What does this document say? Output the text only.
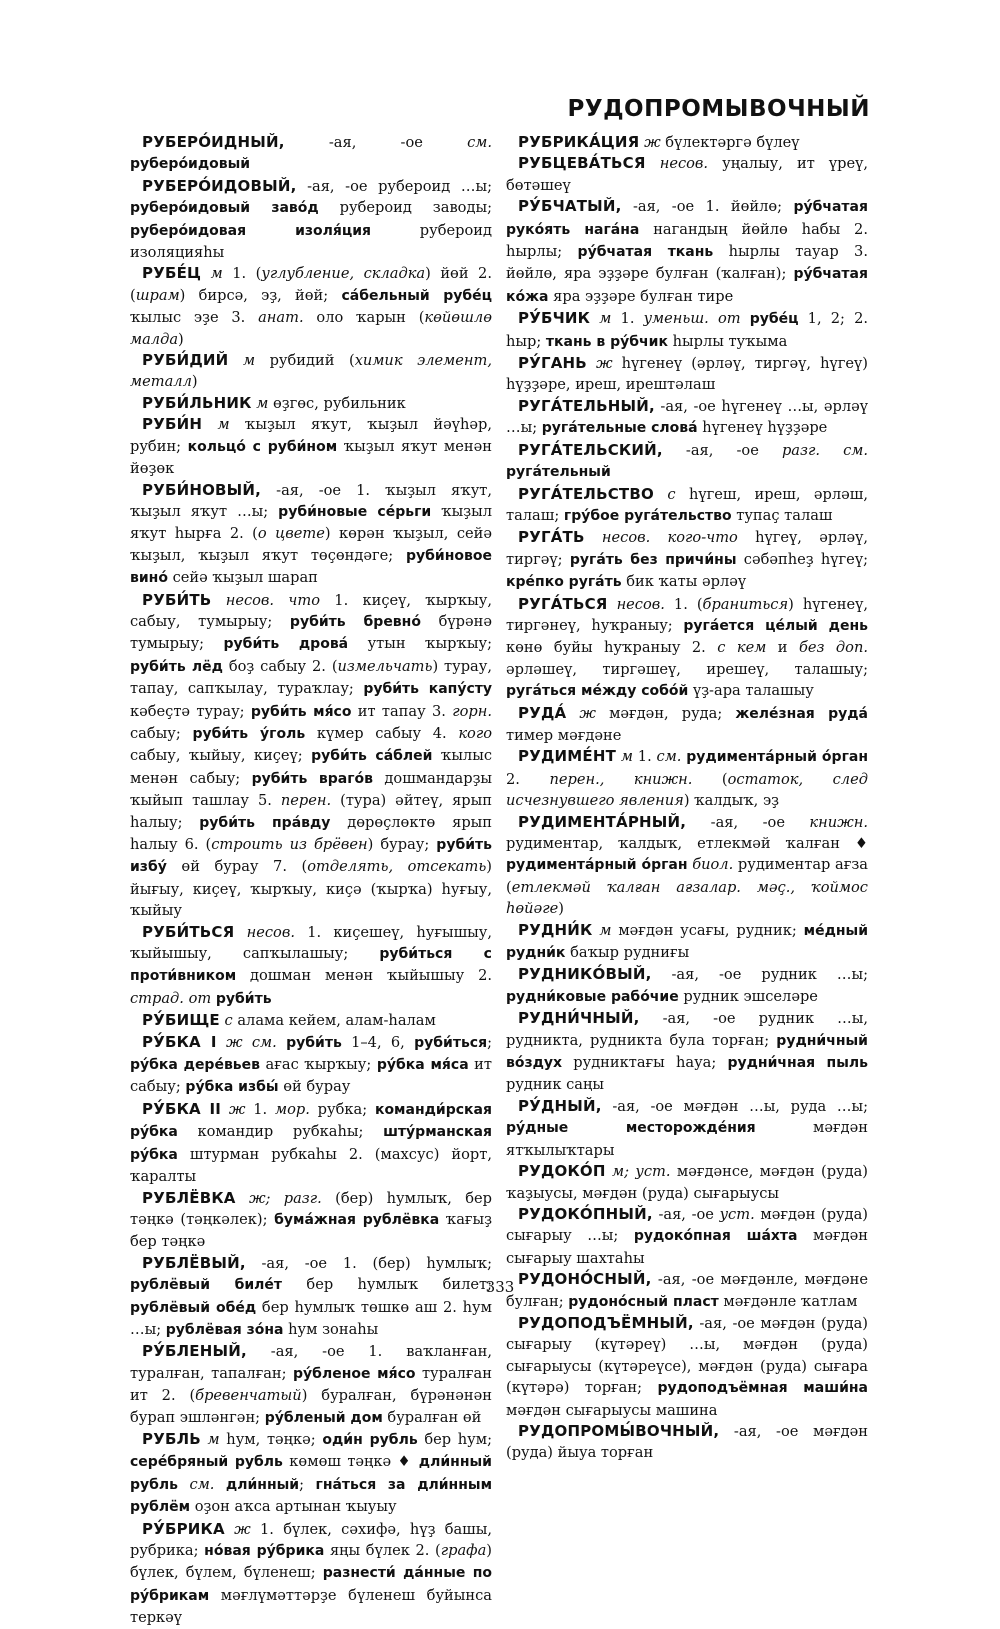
РУДОПРОМЫВОЧНЫЙ

РУБЕРО́ИДНЫЙ, -ая, -ое см. руберо́идовый

РУБЕРО́ИДОВЫЙ, -ая, -ое рубероид …ы; руберо́идовый заво́д рубероид заводы; руберо́идовая изоля́ция рубероид изоляцияһы

РУБЕ́Ц м 1. (углубление, складка) йөй 2. (шрам) бирсә, эҙ, йөй; са́бельный рубе́ц ҡылыс эҙе 3. анат. оло ҡарын (көйөшлө малда)

РУБИ́ДИЙ м рубидий (химик элемент, металл)

РУБИ́ЛЬНИК м өҙгөс, рубильник

РУБИ́Н м ҡыҙыл яҡут, ҡыҙыл йәүһәр, рубин; кольцо́ с руби́ном ҡыҙыл яҡут менән йөҙөк

РУБИ́НОВЫЙ, -ая, -ое 1. ҡыҙыл яҡут, ҡыҙыл яҡут …ы; руби́новые се́рьги ҡыҙыл яҡут һырға 2. (о цвете) көрән ҡыҙыл, сейә ҡыҙыл, ҡыҙыл яҡут төҫөндәге; руби́новое вино́ сейә ҡыҙыл шарап

РУБИ́ТЬ несов. что 1. киҫеү, ҡырҡыу, сабыу, тумырыу; руби́ть бревно́ бүрәнә тумырыу; руби́ть дрова́ утын ҡырҡыу; руби́ть лёд боҙ сабыу 2. (измельчать) турау, тапау, сапҡылау, тураҡлау; руби́ть капу́сту кәбеҫтә турау; руби́ть мя́со ит тапау 3. горн. сабыу; руби́ть у́голь күмер сабыу 4. кого сабыу, ҡыйыу, киҫеү; руби́ть са́блей ҡылыс менән сабыу; руби́ть враго́в дошмандарҙы ҡыйып ташлау 5. перен. (тура) әйтеү, ярып һалыу; руби́ть пра́вду дөрөҫлөктө ярып һалыу 6. (строить из брёвен) бурау; руби́ть избу́ өй бурау 7. (отделять, отсекать) йығыу, киҫеү, ҡырҡыу, киҫә (ҡырҡа) һуғыу, ҡыйыу

РУБИ́ТЬСЯ несов. 1. киҫешеү, һуғышыу, ҡыйышыу, сапҡылашыу; руби́ться с проти́вником дошман менән ҡыйышыу 2. страд. от руби́ть

РУ́БИЩЕ с алама кейем, алам-һалам

РУ́БКА I ж см. руби́ть 1–4, 6, руби́ться; ру́бка дере́вьев ағас ҡырҡыу; ру́бка мя́са ит сабыу; ру́бка избы́ өй бурау

РУ́БКА II ж 1. мор. рубка; команди́рская ру́бка командир рубкаһы; шту́рманская ру́бка штурман рубкаһы 2. (махсус) йорт, ҡаралты

РУБЛЁВКА ж; разг. (бер) һумлыҡ, бер тәңкә (тәңкәлек); бума́жная рублёвка ҡағыҙ бер тәңкә

РУБЛЁВЫЙ, -ая, -ое 1. (бер) һумлыҡ; рублёвый биле́т бер һумлыҡ билет; рублёвый обе́д бер һумлыҡ төшкө аш 2. һум …ы; рублёвая зо́на һум зонаһы

РУ́БЛЕНЫЙ, -ая, -ое 1. ваҡланған, туралған, тапалған; ру́бленое мя́со туралған ит 2. (бревенчатый) буралған, бүрәнәнән бурап эшләнгән; ру́бленый дом буралған өй

РУБЛЬ м һум, тәңкә; оди́н рубль бер һум; сере́бряный рубль көмөш тәңкә ♦ дли́нный рубль см. дли́нный; гна́ться за дли́нным рублём оҙон аҡса артынан ҡыуыу

РУ́БРИКА ж 1. бүлек, сәхифә, һүҙ башы, рубрика; но́вая ру́брика яңы бүлек 2. (графа) бүлек, бүлем, бүленеш; разнести́ да́нные по ру́брикам мәғлүмәттәрҙе бүленеш буйынса теркәү

РУБРИКА́ЦИЯ ж бүлектәргә бүлеү

РУБЦЕВА́ТЬСЯ несов. уңалыу, ит үреү, бөтәшеү

РУ́БЧАТЫЙ, -ая, -ое 1. йөйлө; ру́бчатая руко́ять нага́на нагандың йөйлө һабы 2. һырлы; ру́бчатая ткань һырлы тауар 3. йөйлө, яра эҙҙәре булған (ҡалған); ру́бчатая ко́жа яра эҙҙәре булған тире

РУ́БЧИК м 1. уменьш. от рубе́ц 1, 2; 2. һыр; ткань в ру́бчик һырлы туҡыма

РУ́ГАНЬ ж һүгенеү (әрләү, тиргәү, һүгеү) һүҙҙәре, иреш, ирештәлаш

РУГА́ТЕЛЬНЫЙ, -ая, -ое һүгенеү …ы, әрләү …ы; руга́тельные слова́ һүгенеү һүҙҙәре

РУГА́ТЕЛЬСКИЙ, -ая, -ое разг. см. руга́тельный

РУГА́ТЕЛЬСТВО с һүгеш, иреш, әрләш, талаш; гру́бое руга́тельство тупаҫ талаш

РУГА́ТЬ несов. кого-что һүгеү, әрләү, тиргәү; руга́ть без причи́ны сәбәпһеҙ һүгеү; кре́пко руга́ть бик ҡаты әрләү

РУГА́ТЬСЯ несов. 1. (браниться) һүгенеү, тиргәнеү, һуҡраныу; руга́ется це́лый день көнө буйы һуҡраныу 2. с кем и без доп. әрләшеү, тиргәшеү, ирешеү, талашыу; руга́ться ме́жду собо́й үҙ-ара талашыу

РУДА́ ж мәғдән, руда; желе́зная руда́ тимер мәғдәне

РУДИМЕ́НТ м 1. см. рудимента́рный о́рган 2. перен., книжн. (остаток, след исчезнувшего явления) ҡалдыҡ, эҙ

РУДИМЕНТА́РНЫЙ, -ая, -ое книжн. рудиментар, ҡалдыҡ, етлекмәй ҡалған ♦ рудимента́рный о́рган биол. рудиментар ағза (етлекмәй ҡалған ағзалар. мәҫ., ҡоймос һөйәге)

РУДНИ́К м мәғдән усағы, рудник; ме́дный рудни́к баҡыр рудниғы

РУДНИКО́ВЫЙ, -ая, -ое рудник …ы; рудни́ковые рабо́чие рудник эшселәре

РУДНИ́ЧНЫЙ, -ая, -ое рудник …ы, рудникта, рудникта була торған; рудни́чный во́здух рудниктағы һауа; рудни́чная пыль рудник саңы

РУ́ДНЫЙ, -ая, -ое мәғдән …ы, руда …ы; ру́дные месторожде́ния мәғдән ятҡылыҡтары

РУДОКО́П м; уст. мәғдәнсе, мәғдән (руда) ҡаҙыусы, мәғдән (руда) сығарыусы

РУДОКО́ПНЫЙ, -ая, -ое уст. мәғдән (руда) сығарыу …ы; рудоко́пная ша́хта мәғдән сығарыу шахтаһы

РУДОНО́СНЫЙ, -ая, -ое мәғдәнле, мәғдәне булған; рудоно́сный пласт мәғдәнле ҡатлам

РУДОПОДЪЁМНЫЙ, -ая, -ое мәғдән (руда) сығарыу (күтәреү) …ы, мәғдән (руда) сығарыусы (күтәреүсе), мәғдән (руда) сығара (күтәрә) торған; рудоподъёмная маши́на мәғдән сығарыусы машина

РУДОПРОМЫ́ВОЧНЫЙ, -ая, -ое мәғдән (руда) йыуа торған

333
